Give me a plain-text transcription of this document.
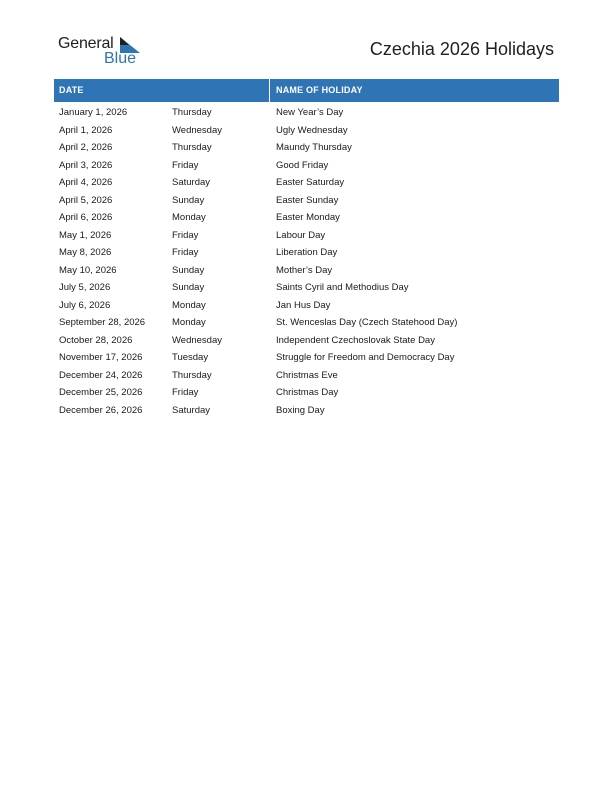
General
Blue	Czechia 2026 Holidays
DATE	NAME OF HOLIDAY
January 1, 2026	Thursday	New Year’s Day
April 1, 2026	Wednesday	Ugly Wednesday
April 2, 2026	Thursday	Maundy Thursday
April 3, 2026	Friday	Good Friday
April 4, 2026	Saturday	Easter Saturday
April 5, 2026	Sunday	Easter Sunday
April 6, 2026	Monday	Easter Monday
May 1, 2026	Friday	Labour Day
May 8, 2026	Friday	Liberation Day
May 10, 2026	Sunday	Mother’s Day
July 5, 2026	Sunday	Saints Cyril and Methodius Day
July 6, 2026	Monday	Jan Hus Day
September 28, 2026	Monday	St. Wenceslas Day (Czech Statehood Day)
October 28, 2026	Wednesday	Independent Czechoslovak State Day
November 17, 2026	Tuesday	Struggle for Freedom and Democracy Day
December 24, 2026	Thursday	Christmas Eve
December 25, 2026	Friday	Christmas Day
December 26, 2026	Saturday	Boxing Day
